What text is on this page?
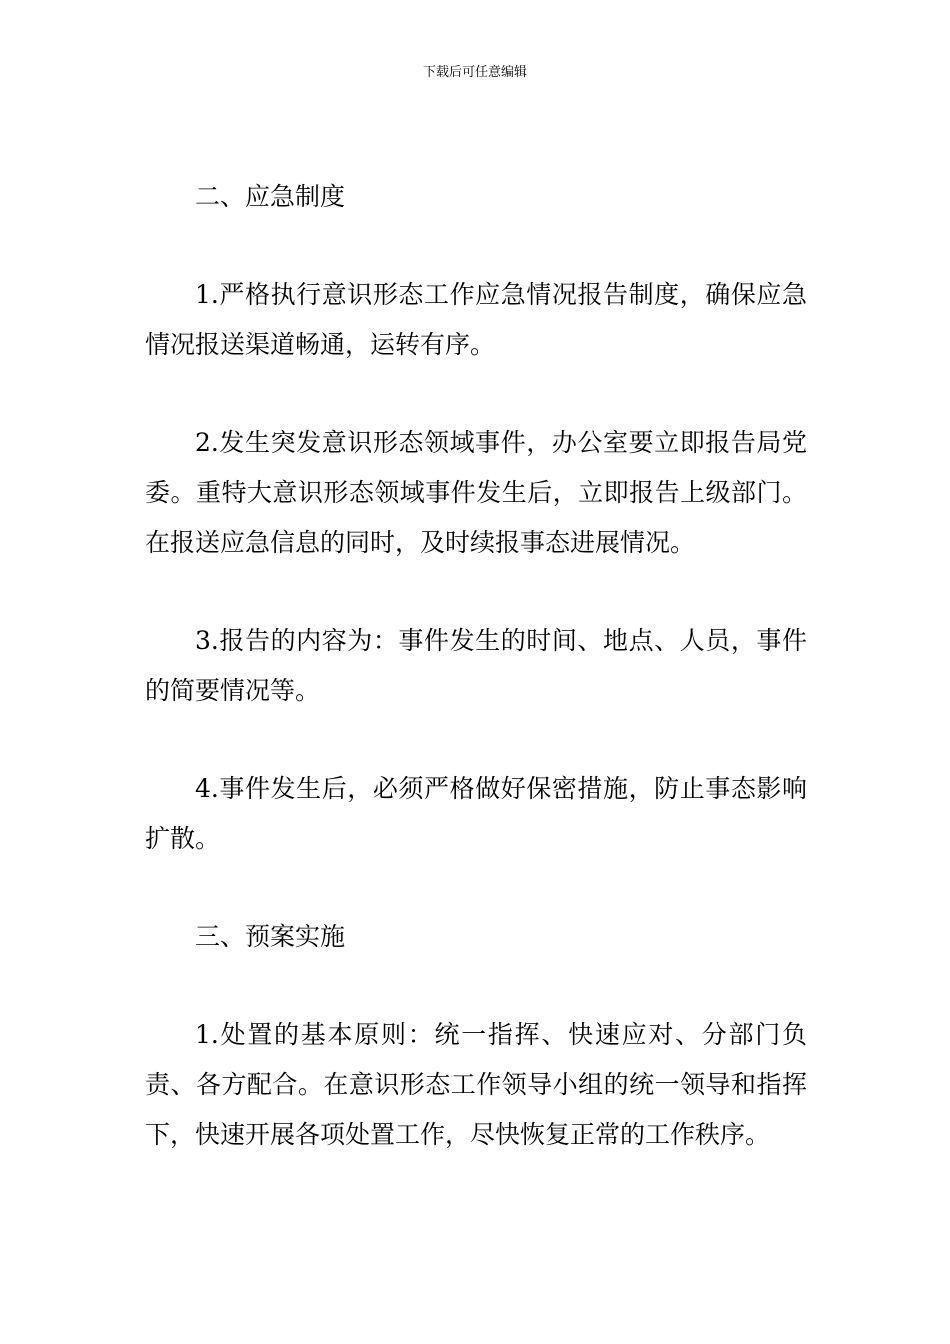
下载后可任意编辑

二、应急制度

1.严格执行意识形态工作应急情况报告制度，确保应急情况报送渠道畅通，运转有序。

2.发生突发意识形态领域事件，办公室要立即报告局党委。重特大意识形态领域事件发生后，立即报告上级部门。在报送应急信息的同时，及时续报事态进展情况。

3.报告的内容为：事件发生的时间、地点、人员，事件的简要情况等。

4.事件发生后，必须严格做好保密措施，防止事态影响扩散。

三、预案实施

1.处置的基本原则：统一指挥、快速应对、分部门负责、各方配合。在意识形态工作领导小组的统一领导和指挥下，快速开展各项处置工作，尽快恢复正常的工作秩序。
